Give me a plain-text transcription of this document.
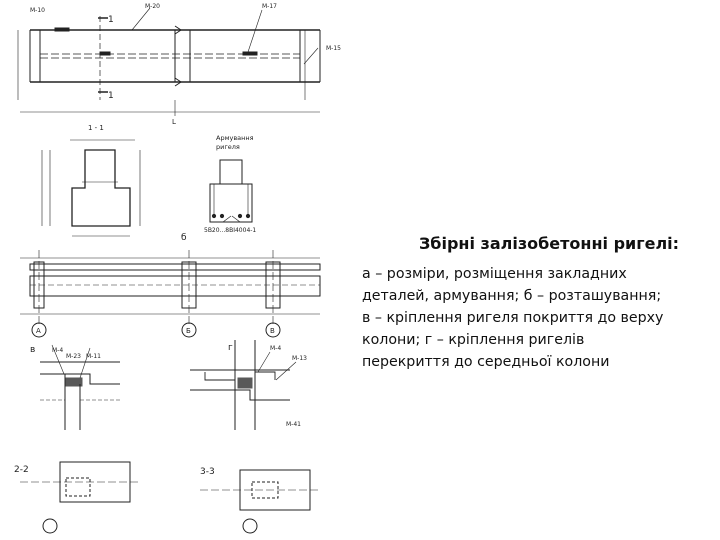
M-10
M-20	M-17
M-15
L
1
1
1 - 1
Армування
ригеля
5В20...8ВІ4004-1
б
А	Б	В
в	М-4
М-23 М-11
г	М-4
М-13
М-41
2-2	3-3

Збірні залізобетонні ригелі:

а – розміри, розміщення закладних
деталей, армування; б – розташування;
в – кріплення ригеля покриття до верху
колони; г – кріплення ригелів
перекриття до середньої колони
